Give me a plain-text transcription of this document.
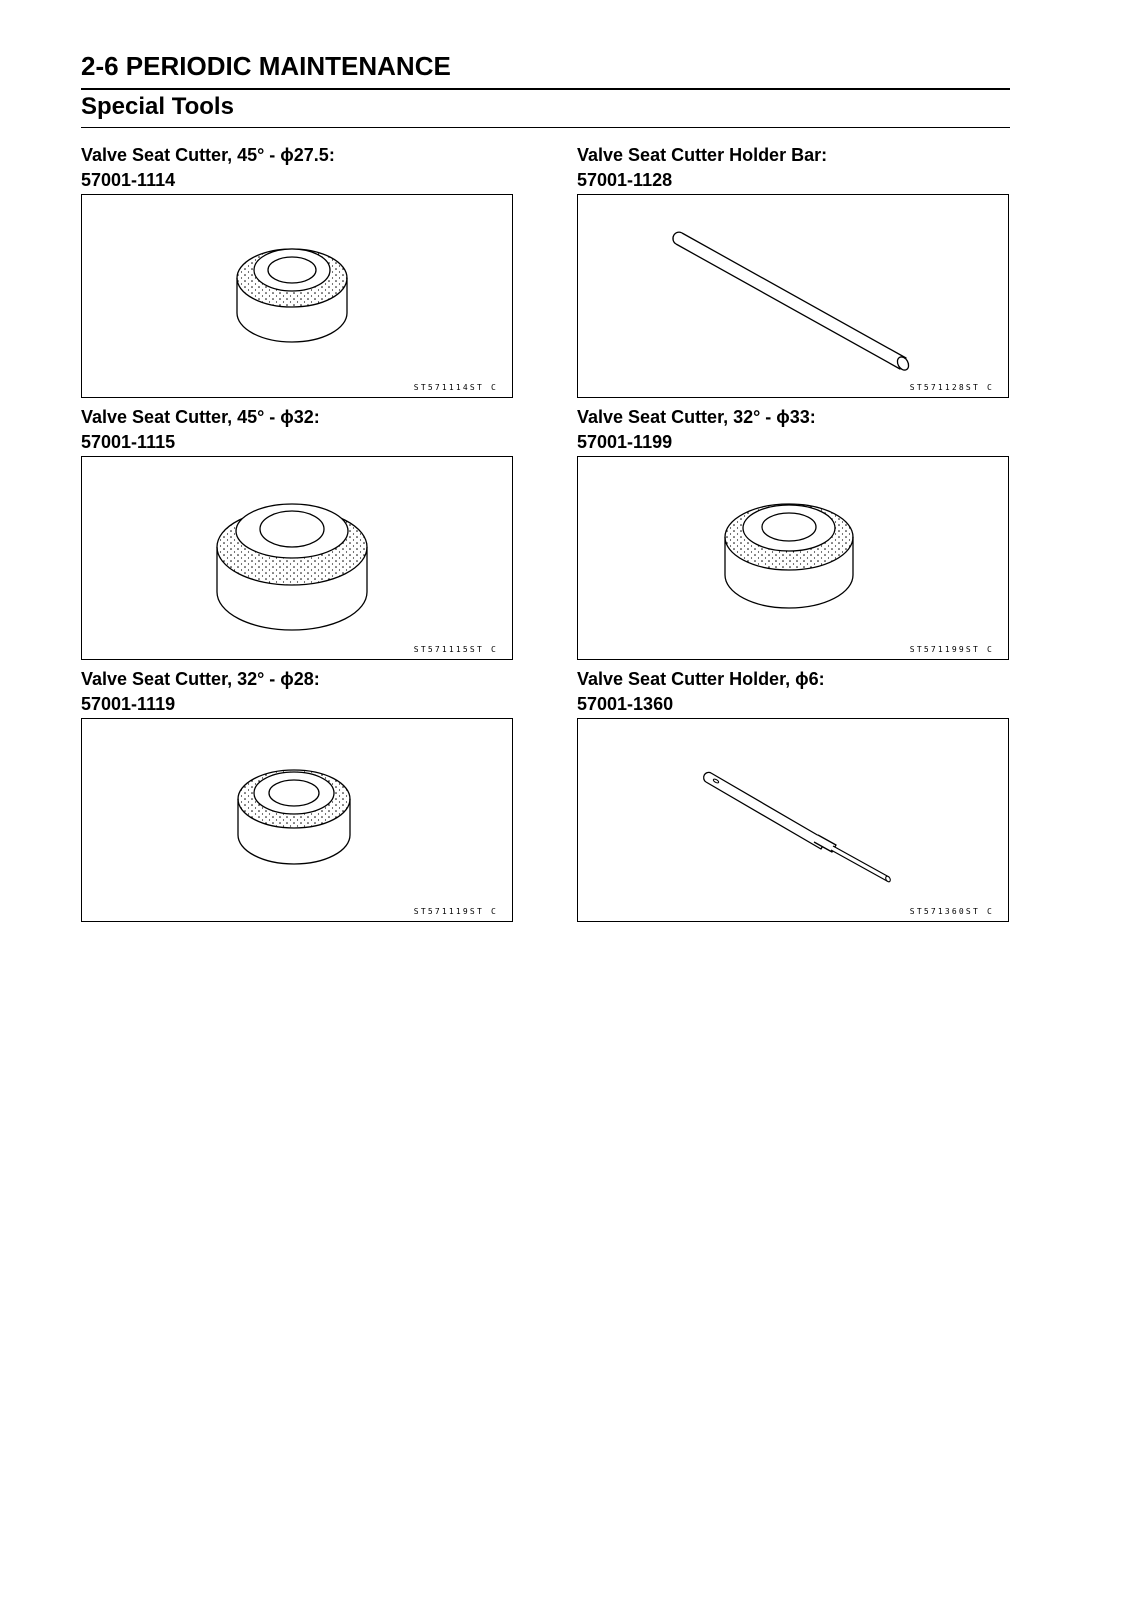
2-6 PERIODIC MAINTENANCE
Special Tools
Valve Seat Cutter, 45° - ϕ27.5:
57001-1114
ST571114ST C
Valve Seat Cutter Holder Bar:
57001-1128
ST571128ST C
Valve Seat Cutter, 45° - ϕ32:
57001-1115
ST571115ST C
Valve Seat Cutter, 32° - ϕ33:
57001-1199
ST571199ST C
Valve Seat Cutter, 32° - ϕ28:
57001-1119
ST571119ST C
Valve Seat Cutter Holder, ϕ6:
57001-1360
ST571360ST C
